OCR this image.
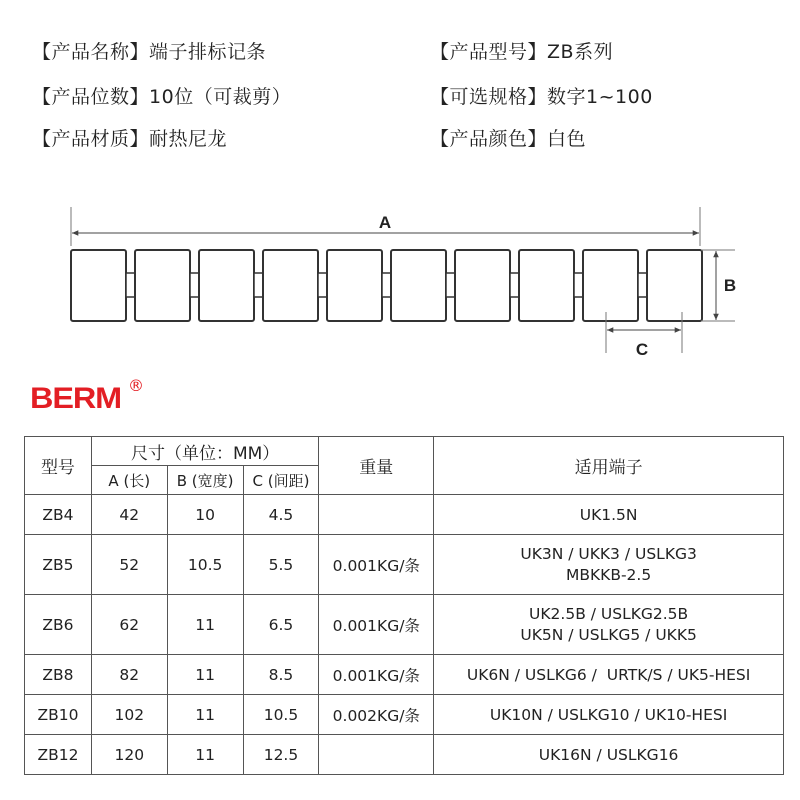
【产品名称】端子排标记条	【产品型号】ZB系列
【产品位数】10位（可裁剪）	【可选规格】数字1~100
【产品材质】耐热尼龙	【产品颜色】白色
A
B
C
BERM ®
型号	尺寸（单位：MM）			重量	适用端子
	A (长)	B (宽度)	C (间距)		
ZB4	42	10	4.5		UK1.5N

ZB5	52	10.5	5.5	0.001KG/条	UK3N / UKK3 / USLKG3
MBKKB-2.5

ZB6	62	11	6.5	0.001KG/条	UK2.5B / USLKG2.5B
UK5N / USLKG5 / UKK5

ZB8	82	11	8.5	0.001KG/条	UK6N / USLKG6 /  URTK/S / UK5-HESI

ZB10	102	11	10.5	0.002KG/条	UK10N / USLKG10 / UK10-HESI

ZB12	120	11	12.5		UK16N / USLKG16
